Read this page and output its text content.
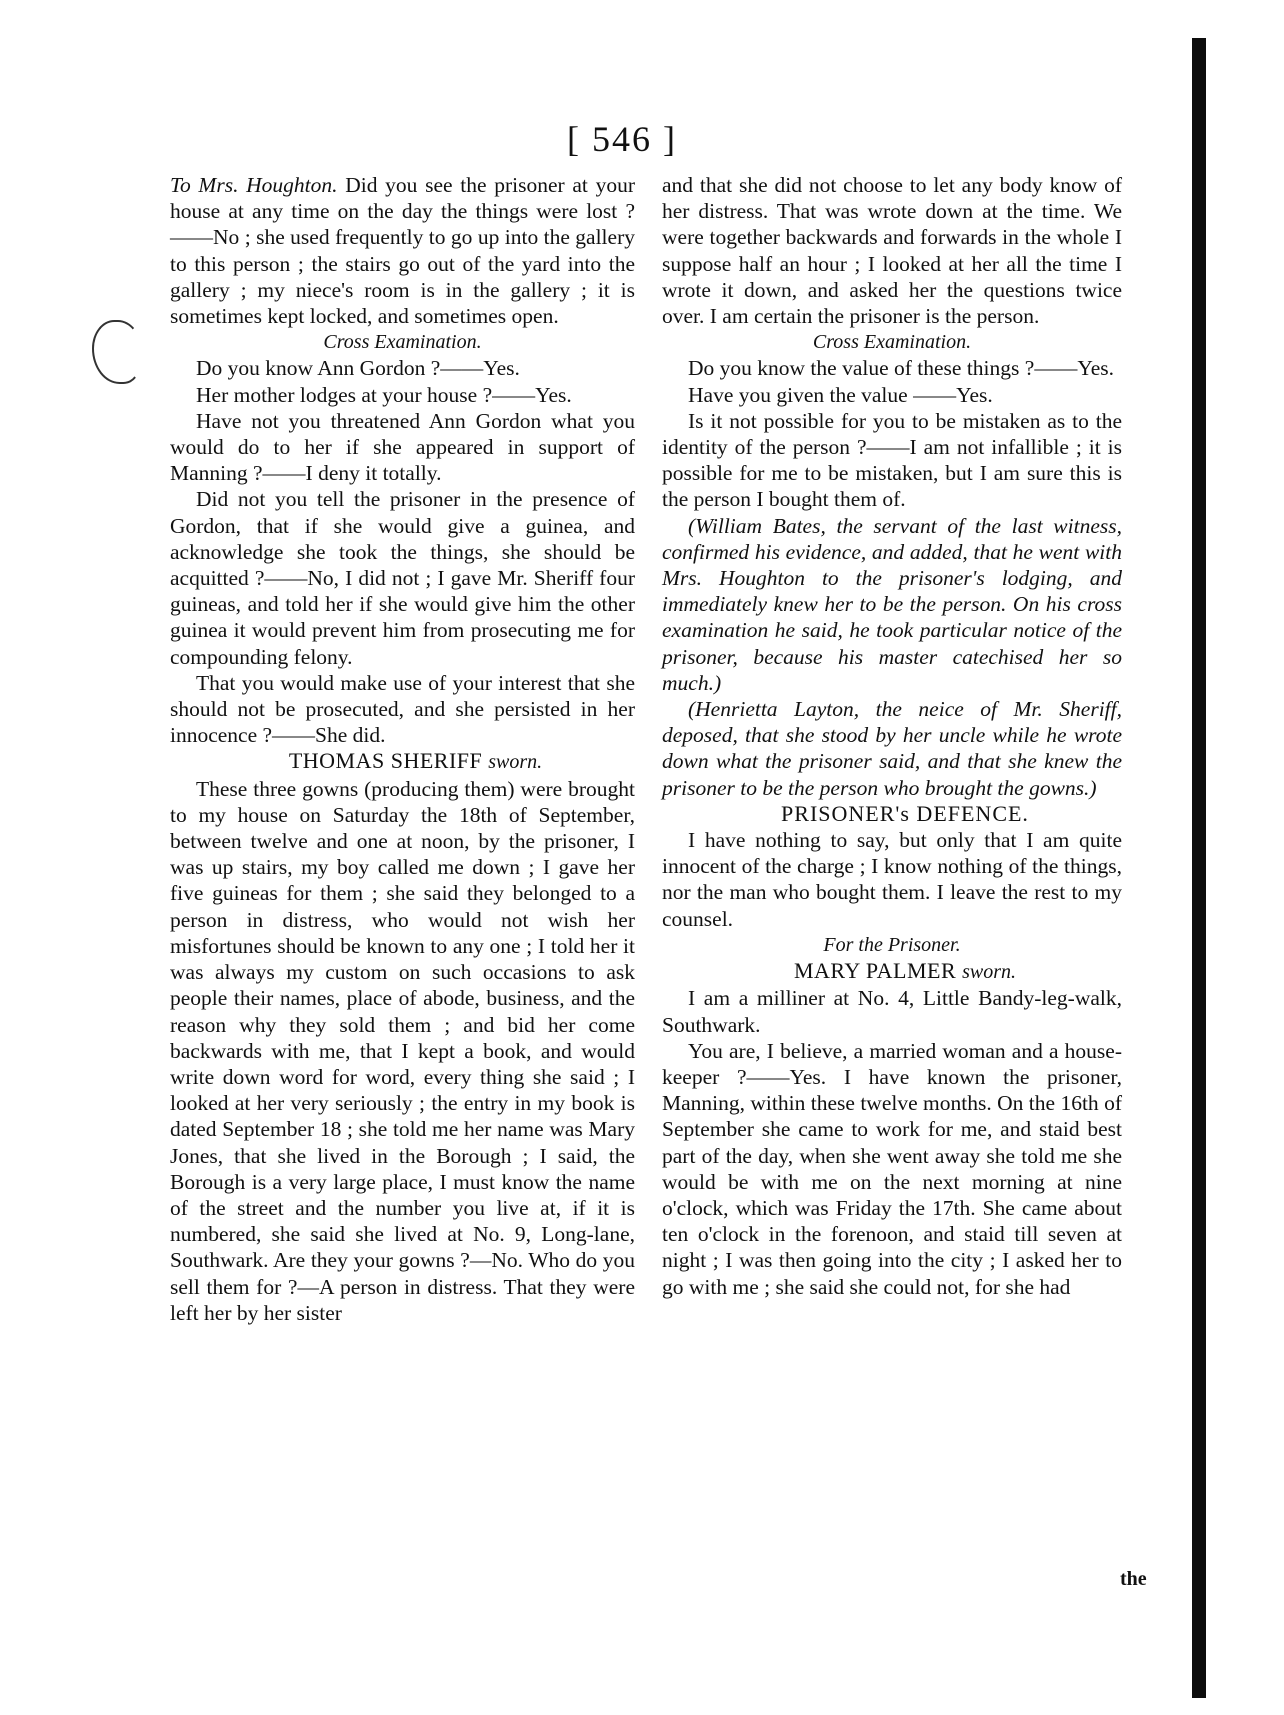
[ 546 ]

To Mrs. Houghton. Did you see the prisoner at your house at any time on the day the things were lost ?——No ; she used frequently to go up into the gallery to this person ; the stairs go out of the yard into the gallery ; my niece's room is in the gallery ; it is sometimes kept locked, and sometimes open.

Cross Examination.

Do you know Ann Gordon ?——Yes.

Her mother lodges at your house ?——Yes.

Have not you threatened Ann Gordon what you would do to her if she appeared in support of Manning ?——I deny it totally.

Did not you tell the prisoner in the presence of Gordon, that if she would give a guinea, and acknowledge she took the things, she should be acquitted ?——No, I did not ; I gave Mr. Sheriff four guineas, and told her if she would give him the other guinea it would prevent him from prosecuting me for compounding felony.

That you would make use of your interest that she should not be prosecuted, and she persisted in her innocence ?——She did.

THOMAS SHERIFF sworn.

These three gowns (producing them) were brought to my house on Saturday the 18th of September, between twelve and one at noon, by the prisoner, I was up stairs, my boy called me down ; I gave her five guineas for them ; she said they belonged to a person in distress, who would not wish her misfortunes should be known to any one ; I told her it was always my custom on such occasions to ask people their names, place of abode, business, and the reason why they sold them ; and bid her come backwards with me, that I kept a book, and would write down word for word, every thing she said ; I looked at her very seriously ; the entry in my book is dated September 18 ; she told me her name was Mary Jones, that she lived in the Borough ; I said, the Borough is a very large place, I must know the name of the street and the number you live at, if it is numbered, she said she lived at No. 9, Long-lane, Southwark. Are they your gowns ?—No. Who do you sell them for ?—A person in distress. That they were left her by her sister

and that she did not choose to let any body know of her distress. That was wrote down at the time. We were together backwards and forwards in the whole I suppose half an hour ; I looked at her all the time I wrote it down, and asked her the questions twice over. I am certain the prisoner is the person.

Cross Examination.

Do you know the value of these things ?——Yes.

Have you given the value ——Yes.

Is it not possible for you to be mistaken as to the identity of the person ?——I am not infallible ; it is possible for me to be mistaken, but I am sure this is the person I bought them of.

(William Bates, the servant of the last witness, confirmed his evidence, and added, that he went with Mrs. Houghton to the prisoner's lodging, and immediately knew her to be the person. On his cross examination he said, he took particular notice of the prisoner, because his master catechised her so much.)

(Henrietta Layton, the neice of Mr. Sheriff, deposed, that she stood by her uncle while he wrote down what the prisoner said, and that she knew the prisoner to be the person who brought the gowns.)

PRISONER's DEFENCE.

I have nothing to say, but only that I am quite innocent of the charge ; I know nothing of the things, nor the man who bought them. I leave the rest to my counsel.

For the Prisoner.

MARY PALMER sworn.

I am a milliner at No. 4, Little Bandy-leg-walk, Southwark.

You are, I believe, a married woman and a house-keeper ?——Yes. I have known the prisoner, Manning, within these twelve months. On the 16th of September she came to work for me, and staid best part of the day, when she went away she told me she would be with me on the next morning at nine o'clock, which was Friday the 17th. She came about ten o'clock in the forenoon, and staid till seven at night ; I was then going into the city ; I asked her to go with me ; she said she could not, for she had

the
